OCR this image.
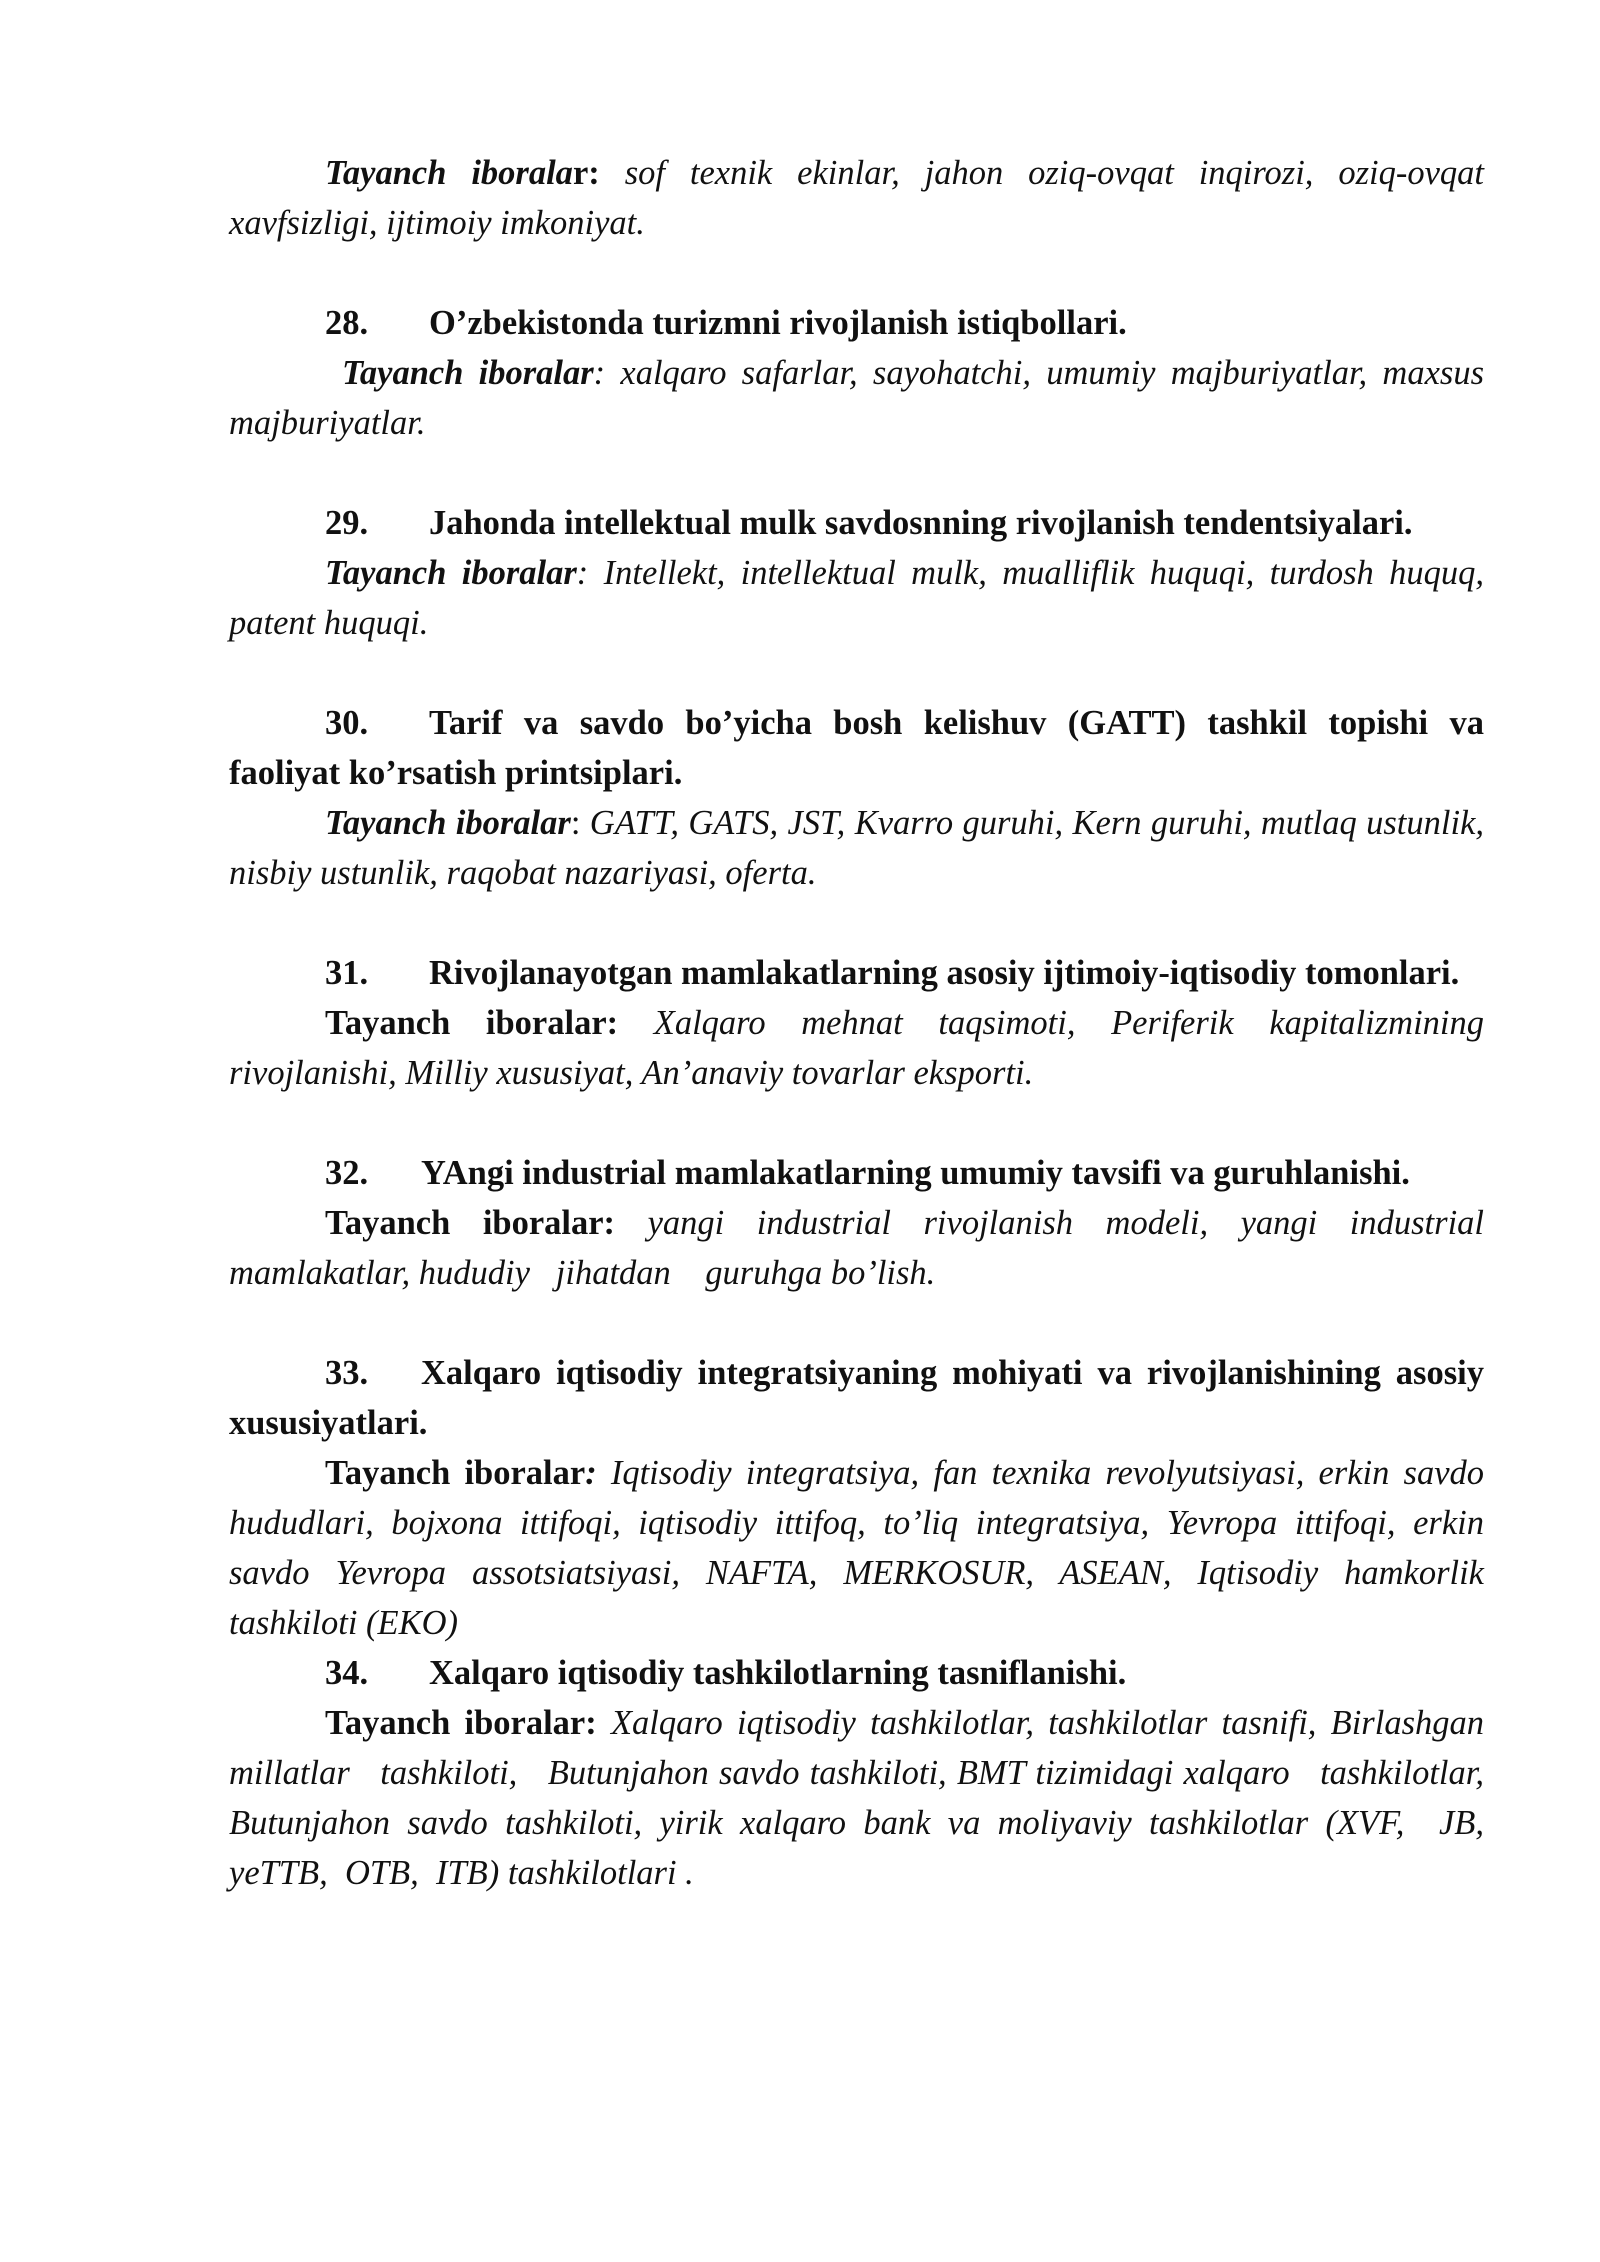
Tayanch iboralar: sof texnik ekinlar, jahon oziq-ovqat inqirozi, oziq-ovqat xavfsizligi, ijtimoiy imkoniyat.

28. O’zbekistonda turizmni rivojlanish istiqbollari.

Tayanch iboralar: xalqaro safarlar, sayohatchi, umumiy majburiyatlar, maxsus majburiyatlar.

29. Jahonda intellektual mulk savdosnning rivojlanish tendentsiyalari.

Tayanch iboralar: Intellekt, intellektual mulk, mualliflik huquqi, turdosh huquq, patent huquqi.

30. Tarif va savdo bo’yicha bosh kelishuv (GATT) tashkil topishi va faoliyat ko’rsatish printsiplari.

Tayanch iboralar: GATT, GATS, JST, Kvarro guruhi, Kern guruhi, mutlaq ustunlik, nisbiy ustunlik, raqobat nazariyasi, oferta.

31. Rivojlanayotgan mamlakatlarning asosiy ijtimoiy-iqtisodiy tomonlari.

Tayanch iboralar: Xalqaro mehnat taqsimoti, Periferik kapitalizmining rivojlanishi, Milliy xususiyat, An’anaviy tovarlar eksporti.

32. YAngi industrial mamlakatlarning umumiy tavsifi va guruhlanishi.

Tayanch iboralar: yangi industrial rivojlanish modeli, yangi industrial mamlakatlar, hududiy   jihatdan    guruhga bo’lish.

33. Xalqaro iqtisodiy integratsiyaning mohiyati va rivojlanishining asosiy xususiyatlari.

Tayanch iboralar: Iqtisodiy integratsiya, fan texnika revolyutsiyasi, erkin savdo hududlari, bojxona ittifoqi, iqtisodiy ittifoq, to’liq integratsiya, Yevropa ittifoqi, erkin savdo Yevropa assotsiatsiyasi, NAFTA, MERKOSUR, ASEAN, Iqtisodiy hamkorlik tashkiloti (EKO)

34. Xalqaro iqtisodiy tashkilotlarning tasniflanishi.

Tayanch iboralar: Xalqaro iqtisodiy tashkilotlar, tashkilotlar tasnifi, Birlashgan millatlar   tashkiloti,   Butunjahon savdo tashkiloti, BMT tizimidagi xalqaro   tashkilotlar, Butunjahon savdo tashkiloti, yirik xalqaro bank va moliyaviy tashkilotlar (XVF,  JB,  yeTTB,  OTB,  ITB) tashkilotlari .
